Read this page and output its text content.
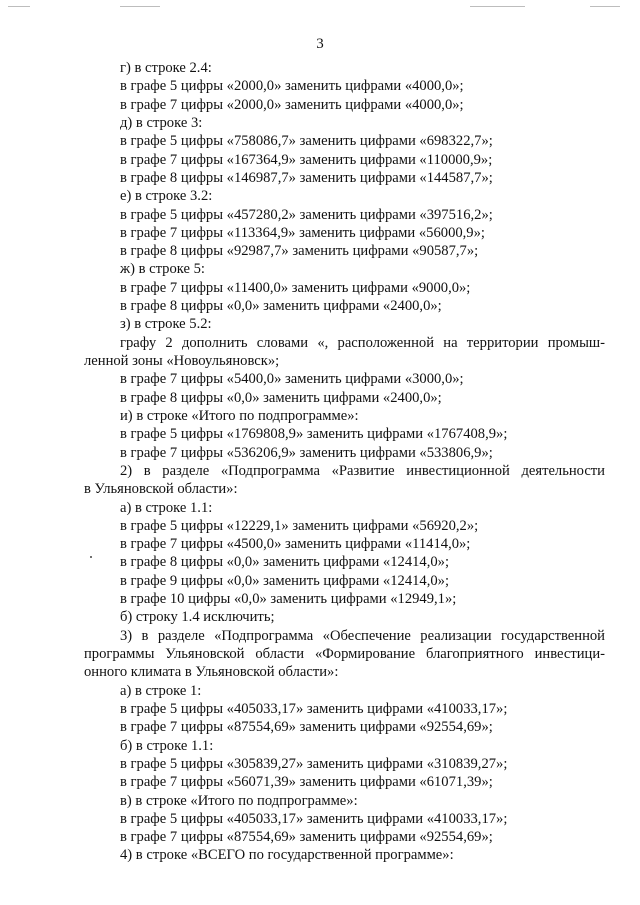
3
г) в строке 2.4:
в графе 5 цифры «2000,0» заменить цифрами «4000,0»;
в графе 7 цифры «2000,0» заменить цифрами «4000,0»;
д) в строке 3:
в графе 5 цифры «758086,7» заменить цифрами «698322,7»;
в графе 7 цифры «167364,9» заменить цифрами «110000,9»;
в графе 8 цифры «146987,7» заменить цифрами «144587,7»;
е) в строке 3.2:
в графе 5 цифры «457280,2» заменить цифрами «397516,2»;
в графе 7 цифры «113364,9» заменить цифрами «56000,9»;
в графе 8 цифры «92987,7» заменить цифрами «90587,7»;
ж) в строке 5:
в графе 7 цифры «11400,0» заменить цифрами «9000,0»;
в графе 8 цифры «0,0» заменить цифрами «2400,0»;
з) в строке 5.2:
графу 2 дополнить словами «, расположенной на территории промыш-
ленной зоны «Новоульяновск»;
в графе 7 цифры «5400,0» заменить цифрами «3000,0»;
в графе 8 цифры «0,0» заменить цифрами «2400,0»;
и) в строке «Итого по подпрограмме»:
в графе 5 цифры «1769808,9» заменить цифрами «1767408,9»;
в графе 7 цифры «536206,9» заменить цифрами «533806,9»;
2) в разделе «Подпрограмма «Развитие инвестиционной деятельности
в Ульяновской области»:
а) в строке 1.1:
в графе 5 цифры «12229,1» заменить цифрами «56920,2»;
в графе 7 цифры «4500,0» заменить цифрами «11414,0»;
в графе 8 цифры «0,0» заменить цифрами «12414,0»;
в графе 9 цифры «0,0» заменить цифрами «12414,0»;
в графе 10 цифры «0,0» заменить цифрами «12949,1»;
б) строку 1.4 исключить;
3) в разделе «Подпрограмма «Обеспечение реализации государственной
программы Ульяновской области «Формирование благоприятного инвестици-
онного климата в Ульяновской области»:
а) в строке 1:
в графе 5 цифры «405033,17» заменить цифрами «410033,17»;
в графе 7 цифры «87554,69» заменить цифрами «92554,69»;
б) в строке 1.1:
в графе 5 цифры «305839,27» заменить цифрами «310839,27»;
в графе 7 цифры «56071,39» заменить цифрами «61071,39»;
в) в строке «Итого по подпрограмме»:
в графе 5 цифры «405033,17» заменить цифрами «410033,17»;
в графе 7 цифры «87554,69» заменить цифрами «92554,69»;
4) в строке «ВСЕГО по государственной программе»:
